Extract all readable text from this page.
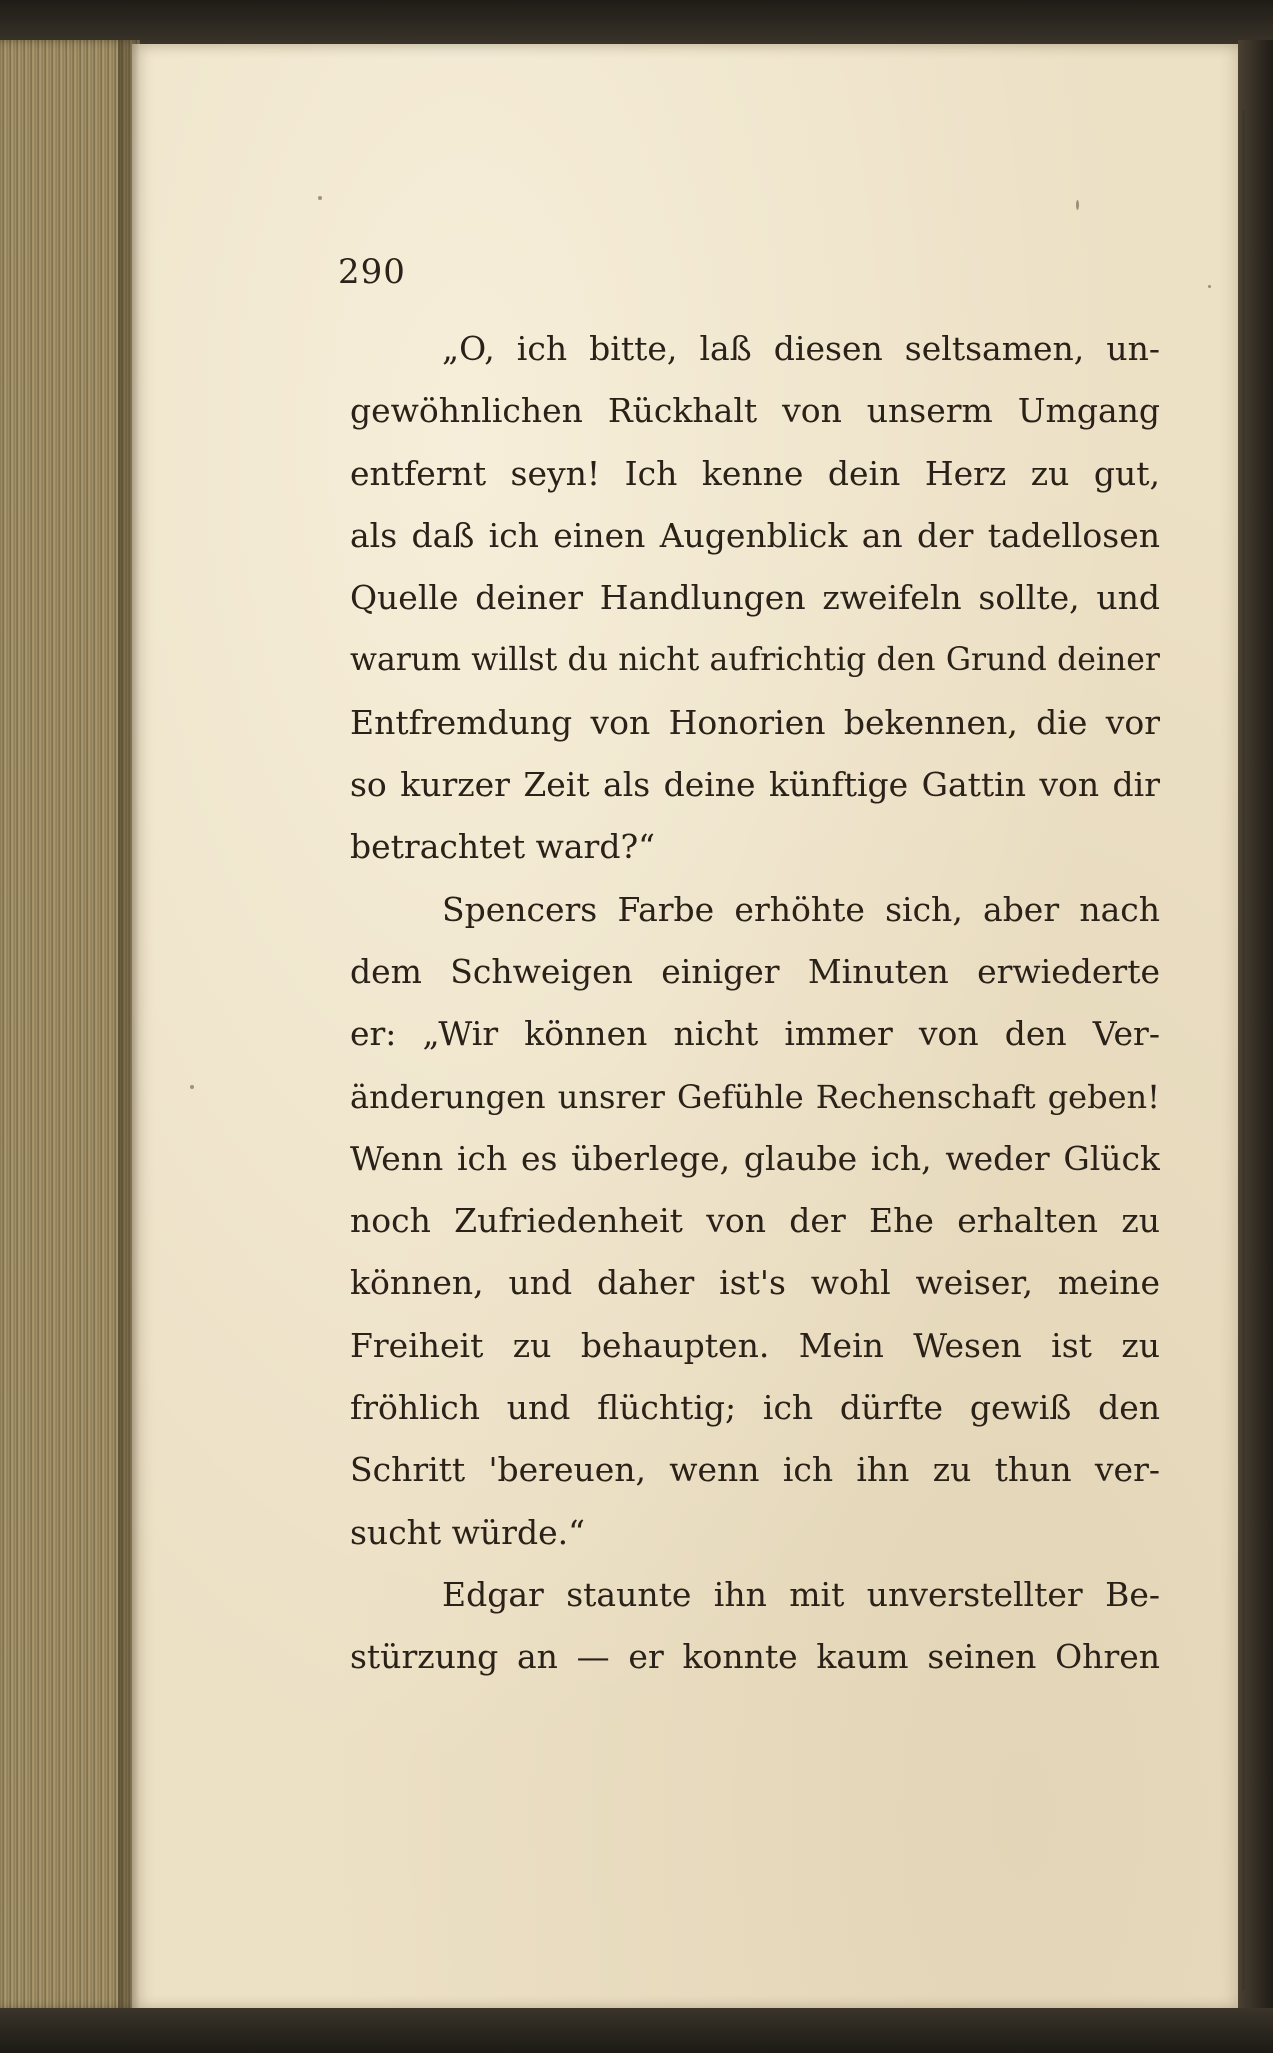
290
„O, ich bitte, laß diesen seltsamen, un-
gewöhnlichen Rückhalt von unserm Umgang
entfernt seyn! Ich kenne dein Herz zu gut,
als daß ich einen Augenblick an der tadellosen
Quelle deiner Handlungen zweifeln sollte, und
warum willst du nicht aufrichtig den Grund deiner
Entfremdung von Honorien bekennen, die vor
so kurzer Zeit als deine künftige Gattin von dir
betrachtet ward?“
Spencers Farbe erhöhte sich, aber nach
dem Schweigen einiger Minuten erwiederte
er: „Wir können nicht immer von den Ver-
änderungen unsrer Gefühle Rechenschaft geben!
Wenn ich es überlege, glaube ich, weder Glück
noch Zufriedenheit von der Ehe erhalten zu
können, und daher ist's wohl weiser, meine
Freiheit zu behaupten. Mein Wesen ist zu
fröhlich und flüchtig; ich dürfte gewiß den
Schritt 'bereuen, wenn ich ihn zu thun ver-
sucht würde.“
Edgar staunte ihn mit unverstellter Be-
stürzung an — er konnte kaum seinen Ohren
